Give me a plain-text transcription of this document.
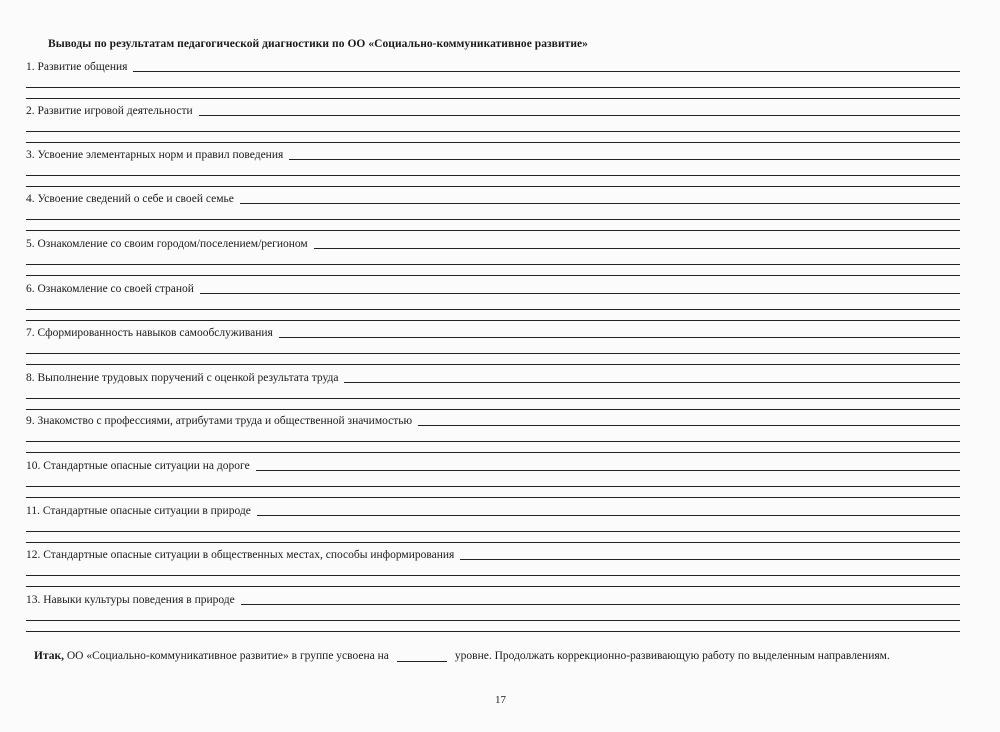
Выводы по результатам педагогической диагностики по ОО «Социально-коммуникативное развитие»
1. Развитие общения
2. Развитие игровой деятельности
3. Усвоение элементарных норм и правил поведения
4. Усвоение сведений о себе и своей семье
5. Ознакомление со своим городом/поселением/регионом
6. Ознакомление со своей страной
7. Сформированность навыков самообслуживания
8. Выполнение трудовых поручений с оценкой результата труда
9. Знакомство с профессиями, атрибутами труда и общественной значимостью
10. Стандартные опасные ситуации на дороге
11. Стандартные опасные ситуации в природе
12. Стандартные опасные ситуации в общественных местах, способы информирования
13. Навыки культуры поведения в природе
Итак, ОО «Социально-коммуникативное развитие» в группе усвоена на	уровне. Продолжать коррекционно-развивающую работу по выделенным направлениям.
17
